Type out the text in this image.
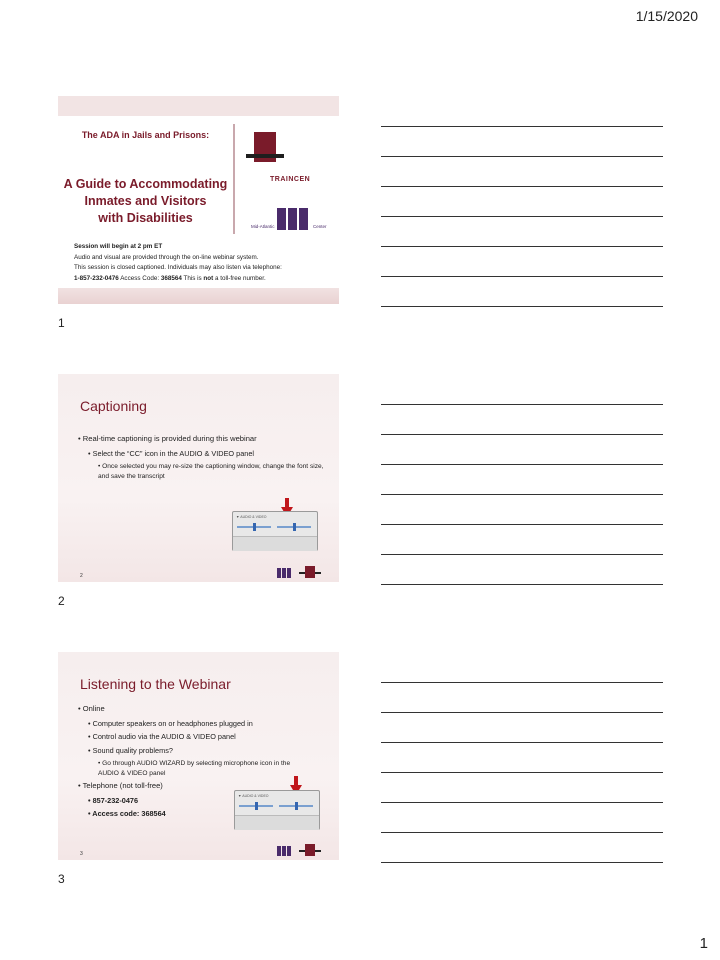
1/15/2020
The ADA in Jails and Prisons:
A Guide to Accommodating
Inmates and Visitors
with Disabilities
TRAINCEN
Mid-Atlantic	Center
Session will begin at 2 pm ET
Audio and visual are provided through the on-line webinar system.
This session is closed captioned. Individuals may also listen via telephone:
1-857-232-0476 Access Code: 368564 This is not a toll-free number.
1
Captioning
• Real-time captioning is provided during this webinar
• Select the “CC” icon in the AUDIO & VIDEO panel
• Once selected you may re-size the captioning window, change the font size, and save the transcript
▼ AUDIO & VIDEO
2
2
Listening to the Webinar
• Online
• Computer speakers on or headphones plugged in
• Control audio via the AUDIO & VIDEO panel
• Sound quality problems?
• Go through AUDIO WIZARD by selecting microphone icon in the AUDIO & VIDEO panel
• Telephone (not toll-free)
• 857-232-0476
• Access code: 368564
▼ AUDIO & VIDEO
3
3
1
